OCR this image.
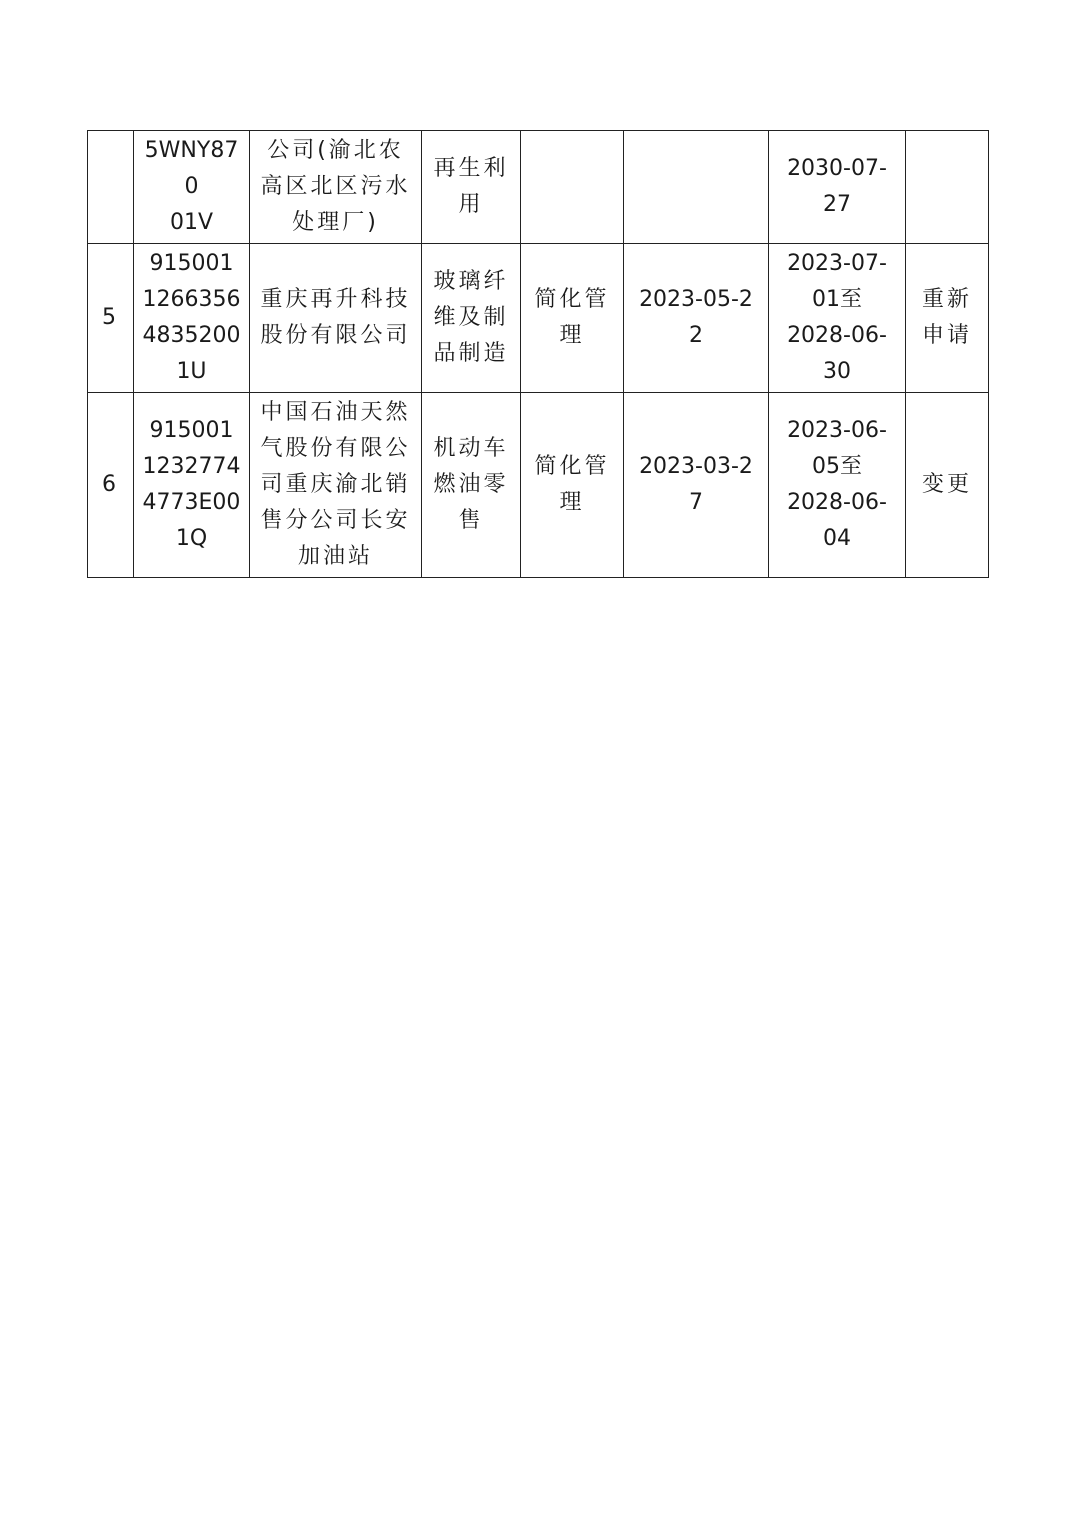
	5WNY870
01V	公司(渝北农
高区北区污水
处理厂)	再生利
用			2030-07-
27	

5	915001
1266356
4835200
1U	重庆再升科技
股份有限公司	玻璃纤
维及制
品制造	简化管
理	2023-05-2
2	2023-07-
01至
2028-06-
30	重新
申请

6	915001
1232774
4773E00
1Q	中国石油天然
气股份有限公
司重庆渝北销
售分公司长安
加油站	机动车
燃油零
售	简化管
理	2023-03-2
7	2023-06-
05至
2028-06-
04	变更
